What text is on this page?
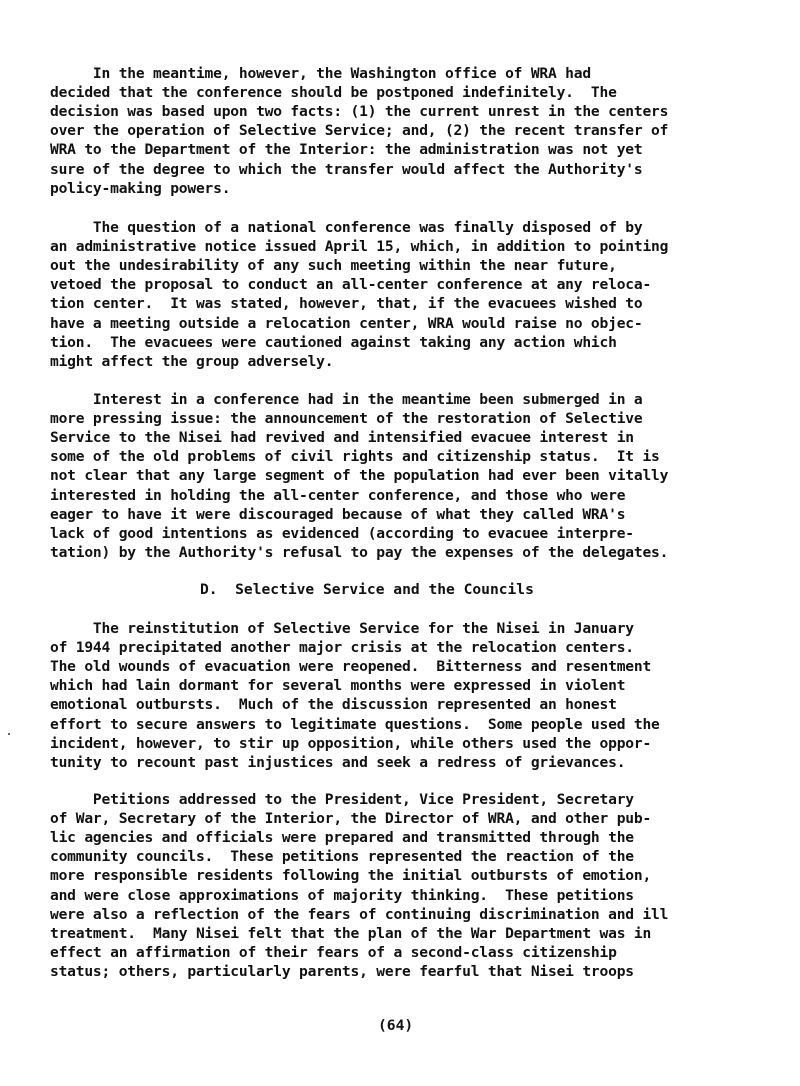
In the meantime, however, the Washington office of WRA had
decided that the conference should be postponed indefinitely.  The
decision was based upon two facts: (1) the current unrest in the centers
over the operation of Selective Service; and, (2) the recent transfer of
WRA to the Department of the Interior: the administration was not yet
sure of the degree to which the transfer would affect the Authority's
policy-making powers.
The question of a national conference was finally disposed of by
an administrative notice issued April 15, which, in addition to pointing
out the undesirability of any such meeting within the near future,
vetoed the proposal to conduct an all-center conference at any reloca-
tion center.  It was stated, however, that, if the evacuees wished to
have a meeting outside a relocation center, WRA would raise no objec-
tion.  The evacuees were cautioned against taking any action which
might affect the group adversely.
Interest in a conference had in the meantime been submerged in a
more pressing issue: the announcement of the restoration of Selective
Service to the Nisei had revived and intensified evacuee interest in
some of the old problems of civil rights and citizenship status.  It is
not clear that any large segment of the population had ever been vitally
interested in holding the all-center conference, and those who were
eager to have it were discouraged because of what they called WRA's
lack of good intentions as evidenced (according to evacuee interpre-
tation) by the Authority's refusal to pay the expenses of the delegates.
The reinstitution of Selective Service for the Nisei in January
of 1944 precipitated another major crisis at the relocation centers.
The old wounds of evacuation were reopened.  Bitterness and resentment
which had lain dormant for several months were expressed in violent
emotional outbursts.  Much of the discussion represented an honest
effort to secure answers to legitimate questions.  Some people used the
incident, however, to stir up opposition, while others used the oppor-
tunity to recount past injustices and seek a redress of grievances.
Petitions addressed to the President, Vice President, Secretary
of War, Secretary of the Interior, the Director of WRA, and other pub-
lic agencies and officials were prepared and transmitted through the
community councils.  These petitions represented the reaction of the
more responsible residents following the initial outbursts of emotion,
and were close approximations of majority thinking.  These petitions
were also a reflection of the fears of continuing discrimination and ill
treatment.  Many Nisei felt that the plan of the War Department was in
effect an affirmation of their fears of a second-class citizenship
status; others, particularly parents, were fearful that Nisei troops
D.  Selective Service and the Councils
(64)
